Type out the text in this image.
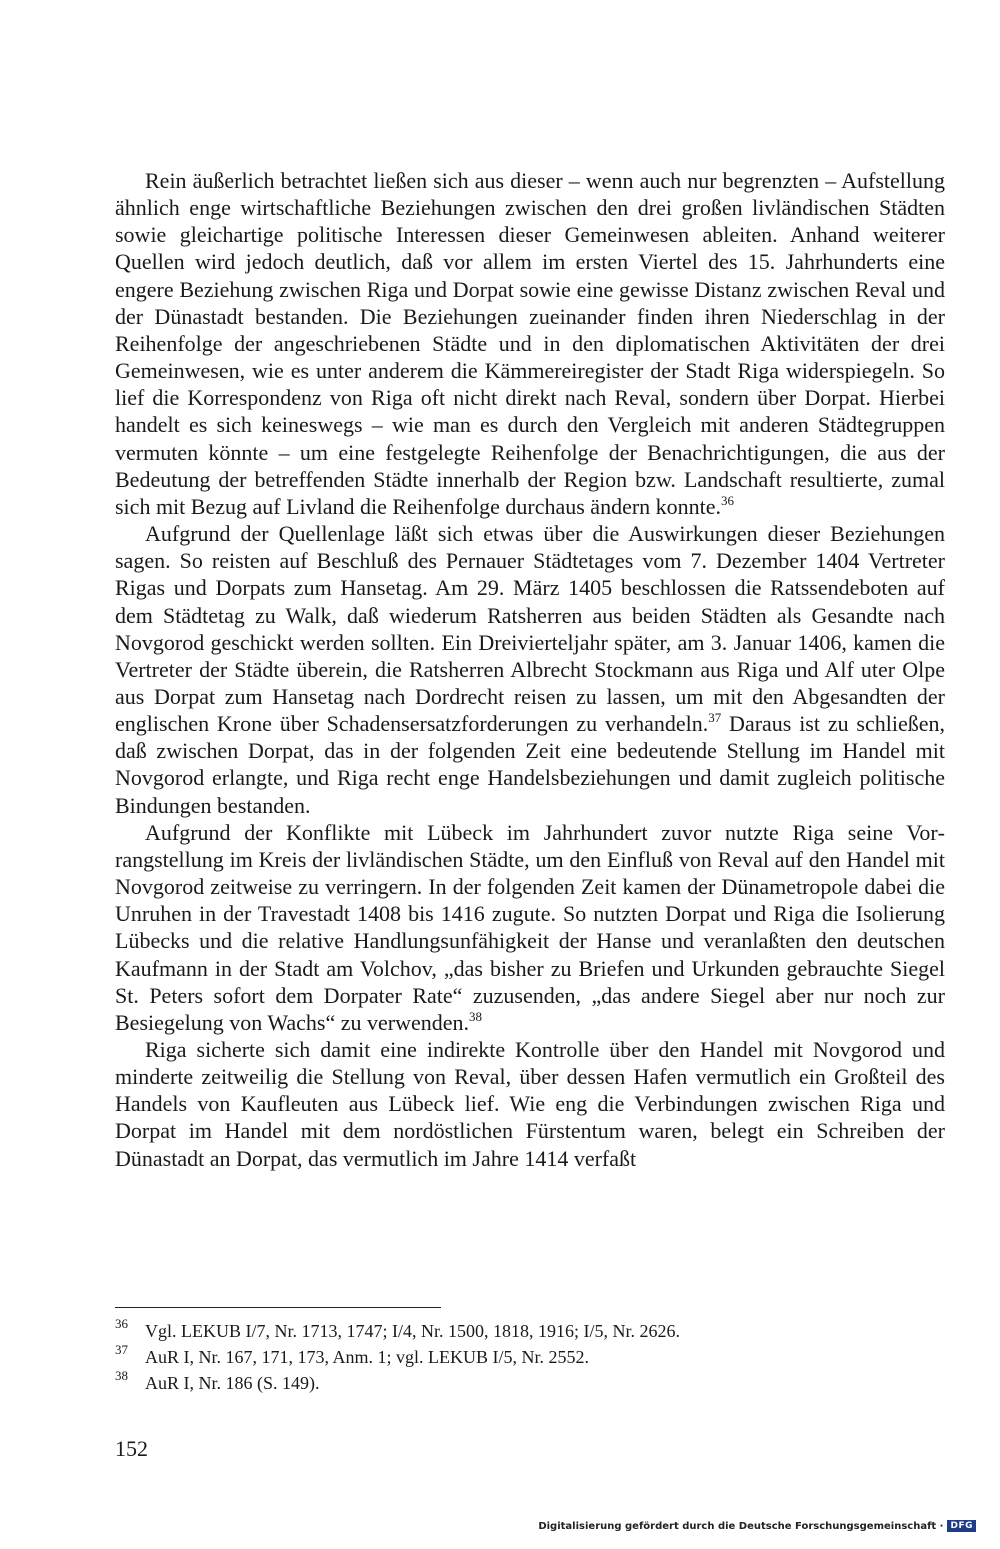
Rein äußerlich betrachtet ließen sich aus dieser – wenn auch nur begrenzten – Aufstellung ähnlich enge wirtschaftliche Beziehungen zwischen den drei großen livländischen Städten sowie gleichartige politische Interessen dieser Gemeinwesen ableiten. Anhand weiterer Quellen wird jedoch deutlich, daß vor allem im ersten Viertel des 15. Jahrhunderts eine engere Beziehung zwischen Riga und Dorpat sowie eine gewisse Distanz zwischen Reval und der Dünastadt bestanden. Die Beziehungen zueinander finden ihren Niederschlag in der Reihenfolge der angeschriebenen Städte und in den diplomatischen Aktivitäten der drei Gemeinwesen, wie es unter anderem die Kämmereiregister der Stadt Riga widerspiegeln. So lief die Korrespondenz von Riga oft nicht direkt nach Reval, sondern über Dorpat. Hierbei handelt es sich keineswegs – wie man es durch den Vergleich mit anderen Städtegruppen vermuten könnte – um eine festgelegte Reihenfolge der Benachrichtigungen, die aus der Bedeutung der betreffenden Städte innerhalb der Region bzw. Landschaft resultierte, zumal sich mit Bezug auf Livland die Reihenfolge durchaus ändern konnte.$^{36}$

Aufgrund der Quellenlage läßt sich etwas über die Auswirkungen dieser Beziehungen sagen. So reisten auf Beschluß des Pernauer Städtetages vom 7. Dezember 1404 Vertreter Rigas und Dorpats zum Hansetag. Am 29. März 1405 beschlossen die Ratssendeboten auf dem Städtetag zu Walk, daß wiederum Ratsherren aus beiden Städten als Gesandte nach Novgorod geschickt werden sollten. Ein Dreivierteljahr später, am 3. Januar 1406, kamen die Vertreter der Städte überein, die Ratsherren Albrecht Stockmann aus Riga und Alf uter Olpe aus Dorpat zum Hansetag nach Dordrecht reisen zu lassen, um mit den Abgesandten der englischen Krone über Schadensersatzforderungen zu verhandeln.$^{37}$ Daraus ist zu schließen, daß zwischen Dorpat, das in der folgenden Zeit eine bedeutende Stellung im Handel mit Novgorod erlangte, und Riga recht enge Handelsbeziehungen und damit zugleich politische Bindungen bestanden.

Aufgrund der Konflikte mit Lübeck im Jahrhundert zuvor nutzte Riga seine Vorrangstellung im Kreis der livländischen Städte, um den Einfluß von Reval auf den Handel mit Novgorod zeitweise zu verringern. In der folgenden Zeit kamen der Dünametropole dabei die Unruhen in der Travestadt 1408 bis 1416 zugute. So nutzten Dorpat und Riga die Isolierung Lübecks und die relative Handlungsunfähigkeit der Hanse und veranlaßten den deutschen Kaufmann in der Stadt am Volchov, „das bisher zu Briefen und Urkunden gebrauchte Siegel St. Peters sofort dem Dorpater Rate“ zuzusenden, „das andere Siegel aber nur noch zur Besiegelung von Wachs“ zu verwenden.$^{38}$

Riga sicherte sich damit eine indirekte Kontrolle über den Handel mit Novgorod und minderte zeitweilig die Stellung von Reval, über dessen Hafen vermutlich ein Großteil des Handels von Kaufleuten aus Lübeck lief. Wie eng die Verbindungen zwischen Riga und Dorpat im Handel mit dem nordöstlichen Fürstentum waren, belegt ein Schreiben der Dünastadt an Dorpat, das vermutlich im Jahre 1414 verfaßt

36 Vgl. LEKUB I/7, Nr. 1713, 1747; I/4, Nr. 1500, 1818, 1916; I/5, Nr. 2626.
37 AuR I, Nr. 167, 171, 173, Anm. 1; vgl. LEKUB I/5, Nr. 2552.
38 AuR I, Nr. 186 (S. 149).
152
Digitalisierung gefördert durch die Deutsche Forschungsgemeinschaft · DFG
